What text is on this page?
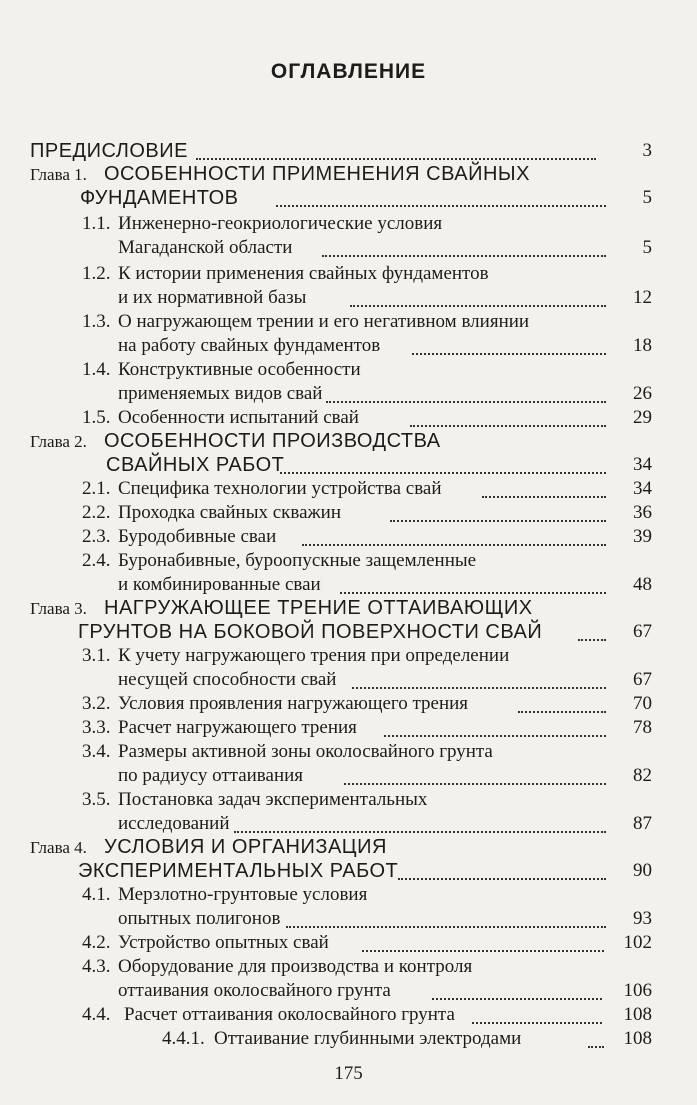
ОГЛАВЛЕНИЕ
ПРЕДИСЛОВИЕ	3
Глава 1. ОСОБЕННОСТИ ПРИМЕНЕНИЯ СВАЙНЫХ
ФУНДАМЕНТОВ	5
1.1. Инженерно-геокриологические условия
Магаданской области	5
1.2. К истории применения свайных фундаментов
и их нормативной базы	12
1.3. О нагружающем трении и его негативном влиянии
на работу свайных фундаментов	18
1.4. Конструктивные особенности
применяемых видов свай	26
1.5. Особенности испытаний свай	29
Глава 2. ОСОБЕННОСТИ ПРОИЗВОДСТВА
СВАЙНЫХ РАБОТ	34
2.1. Специфика технологии устройства свай	34
2.2. Проходка свайных скважин	36
2.3. Буродобивные сваи	39
2.4. Буронабивные, буроопускные защемленные
и комбинированные сваи	48
Глава 3. НАГРУЖАЮЩЕЕ ТРЕНИЕ ОТТАИВАЮЩИХ
ГРУНТОВ НА БОКОВОЙ ПОВЕРХНОСТИ СВАЙ	67
3.1. К учету нагружающего трения при определении
несущей способности свай	67
3.2. Условия проявления нагружающего трения	70
3.3. Расчет нагружающего трения	78
3.4. Размеры активной зоны околосвайного грунта
по радиусу оттаивания	82
3.5. Постановка задач экспериментальных
исследований	87
Глава 4. УСЛОВИЯ И ОРГАНИЗАЦИЯ
ЭКСПЕРИМЕНТАЛЬНЫХ РАБОТ	90
4.1. Мерзлотно-грунтовые условия
опытных полигонов	93
4.2. Устройство опытных свай	102
4.3. Оборудование для производства и контроля
оттаивания околосвайного грунта	106
4.4. Расчет оттаивания околосвайного грунта	108
4.4.1. Оттаивание глубинными электродами	108
175
